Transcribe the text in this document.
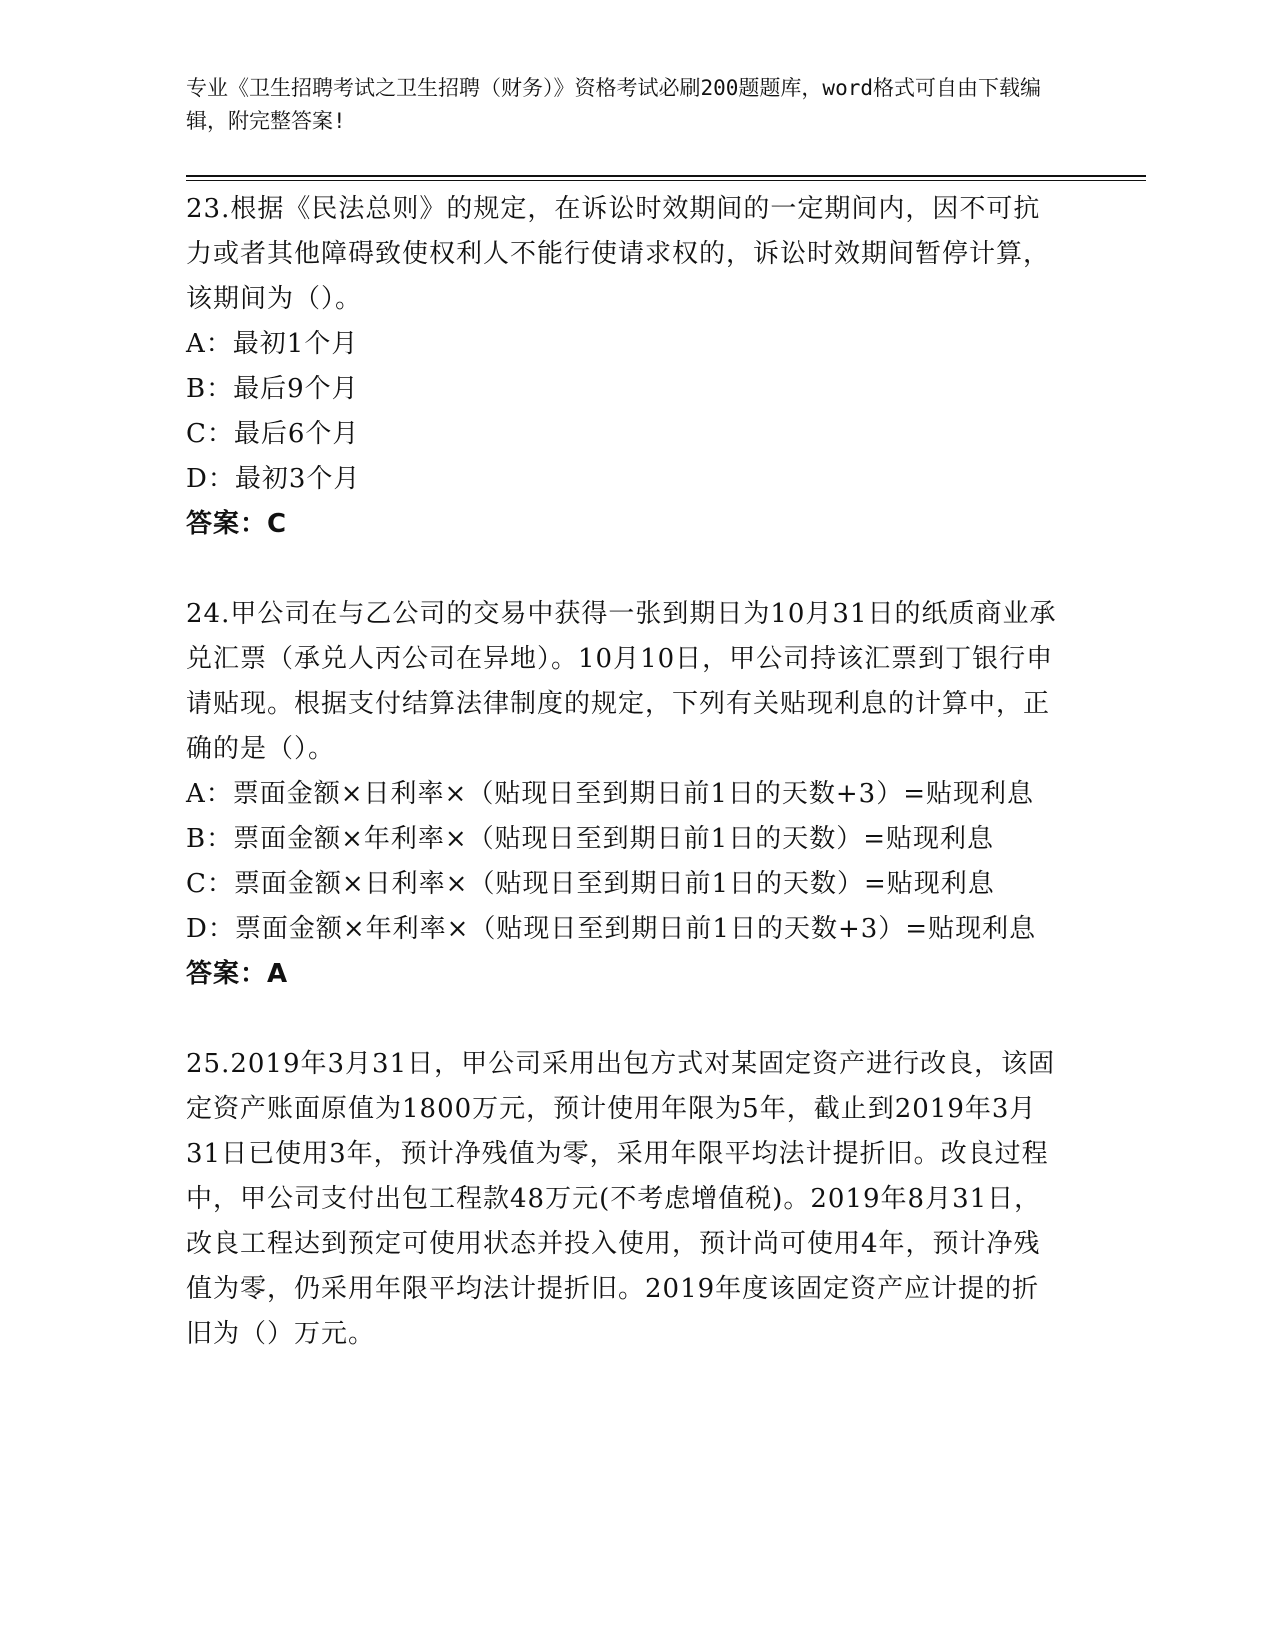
专业《卫生招聘考试之卫生招聘（财务）》资格考试必刷200题题库，word格式可自由下载编辑，附完整答案!

23.根据《民法总则》的规定，在诉讼时效期间的一定期间内，因不可抗力或者其他障碍致使权利人不能行使请求权的，诉讼时效期间暂停计算，该期间为（）。

A：最初1个月

B：最后9个月

C：最后6个月

D：最初3个月

答案：C

24.甲公司在与乙公司的交易中获得一张到期日为10月31日的纸质商业承兑汇票（承兑人丙公司在异地）。10月10日，甲公司持该汇票到丁银行申请贴现。根据支付结算法律制度的规定，下列有关贴现利息的计算中，正确的是（）。

A：票面金额×日利率×（贴现日至到期日前1日的天数+3）=贴现利息

B：票面金额×年利率×（贴现日至到期日前1日的天数）=贴现利息

C：票面金额×日利率×（贴现日至到期日前1日的天数）=贴现利息

D：票面金额×年利率×（贴现日至到期日前1日的天数+3）=贴现利息

答案：A

25.2019年3月31日，甲公司采用出包方式对某固定资产进行改良，该固定资产账面原值为1800万元，预计使用年限为5年，截止到2019年3月31日已使用3年，预计净残值为零，采用年限平均法计提折旧。改良过程中，甲公司支付出包工程款48万元(不考虑增值税)。2019年8月31日，改良工程达到预定可使用状态并投入使用，预计尚可使用4年，预计净残值为零，仍采用年限平均法计提折旧。2019年度该固定资产应计提的折旧为（）万元。
